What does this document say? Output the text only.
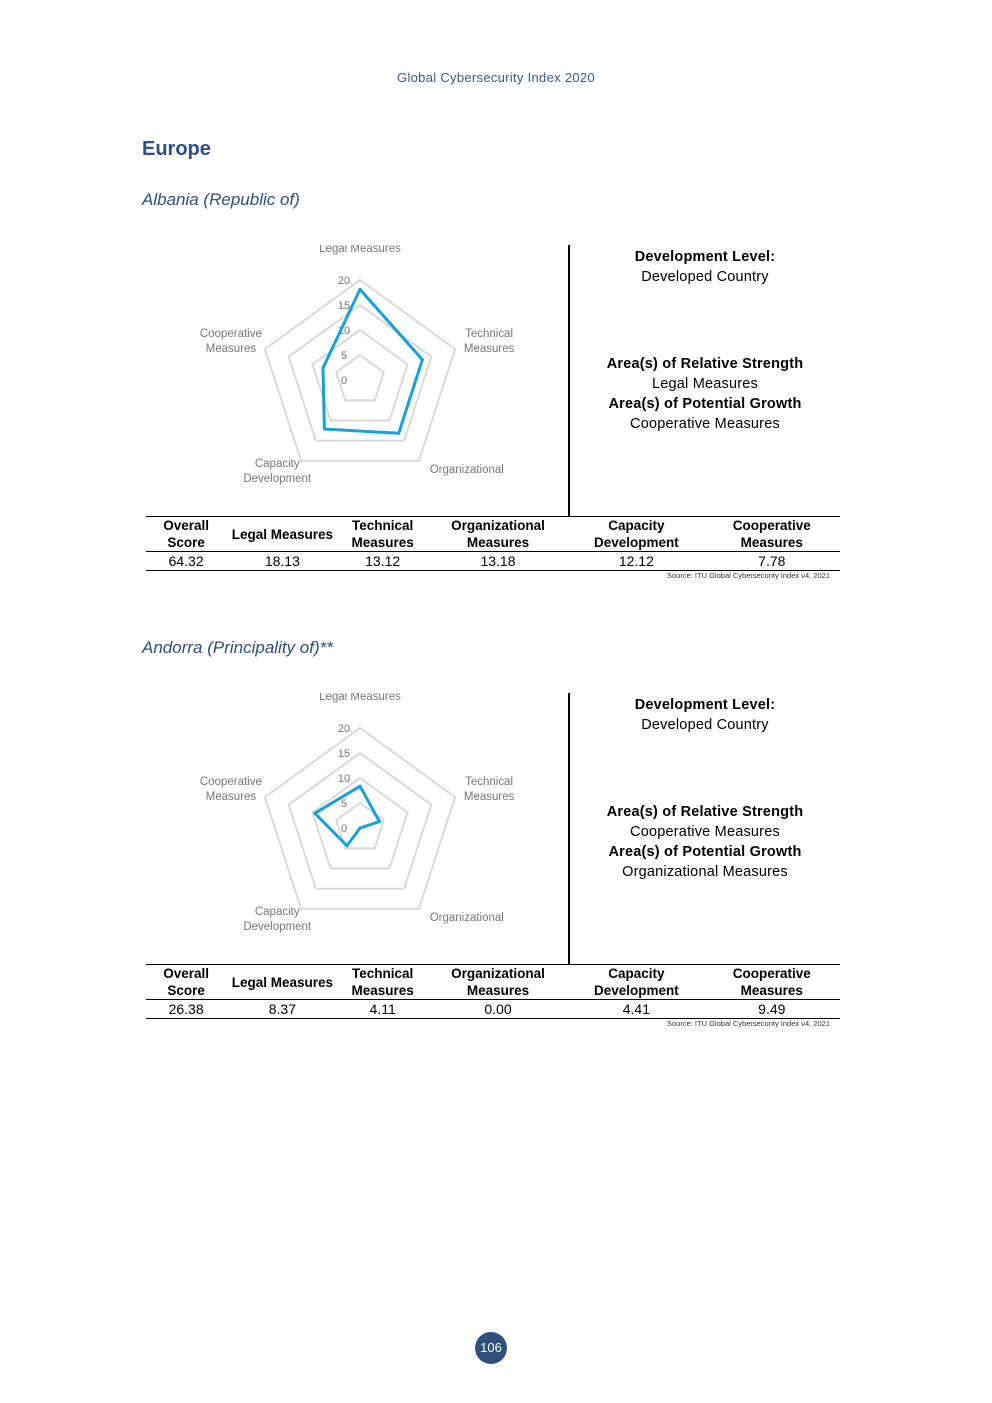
Global Cybersecurity Index 2020
Europe
Albania (Republic of)
0
5
10
15
20
Legal Measures
Technical
Measures
Organizational
Capacity
Development
Cooperative
Measures
Development Level:
Developed Country
Area(s) of Relative Strength
Legal Measures
Area(s) of Potential Growth
Cooperative Measures
Overall Score	Legal Measures	Technical Measures	Organizational Measures	Capacity Development	Cooperative Measures
64.32	18.13	13.12	13.18	12.12	7.78
Source: ITU Global Cybersecurity Index v4, 2021
Andorra (Principality of)**
0
5
10
15
20
Legal Measures
Technical
Measures
Organizational
Capacity
Development
Cooperative
Measures
Development Level:
Developed Country
Area(s) of Relative Strength
Cooperative Measures
Area(s) of Potential Growth
Organizational Measures
Overall Score	Legal Measures	Technical Measures	Organizational Measures	Capacity Development	Cooperative Measures
26.38	8.37	4.11	0.00	4.41	9.49
Source: ITU Global Cybersecurity Index v4, 2021
106
